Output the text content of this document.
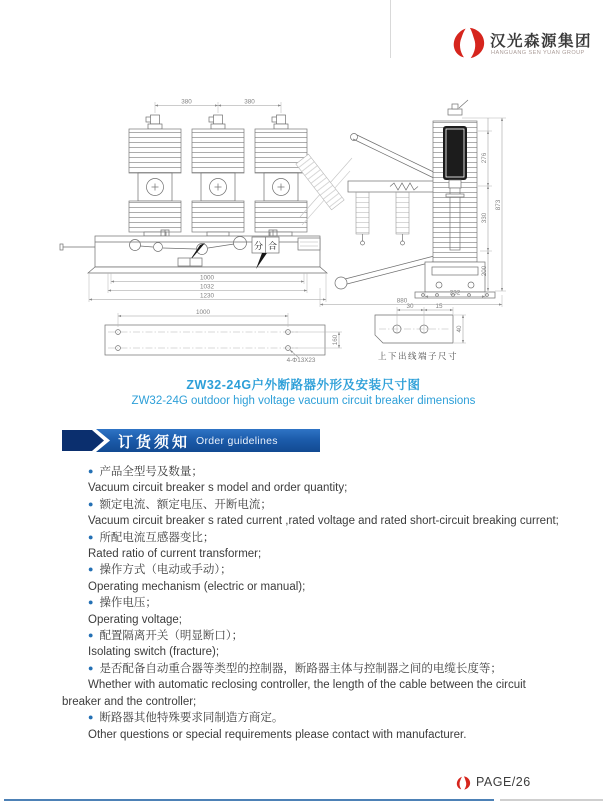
汉光森源集团
HANGUANG SEN YUAN GROUP
分 合
380	380
1000
1032
1230
1000
160
4-Φ13X23
30	15
40
上下出线端子尺寸
276
330
200
873
232
880
ZW32-24G户外断路器外形及安装尺寸图
ZW32-24G outdoor high voltage vacuum circuit breaker dimensions
订货须知 Order guidelines

● 产品全型号及数量；

Vacuum circuit breaker s model and order quantity;

● 额定电流、额定电压、开断电流；

Vacuum circuit breaker s rated current ,rated voltage and rated short-circuit breaking current;

● 所配电流互感器变比；

Rated ratio of current transformer;

● 操作方式（电动或手动）；

Operating mechanism (electric or manual);

● 操作电压；

Operating voltage;

● 配置隔离开关（明显断口）；

Isolating switch (fracture);

● 是否配备自动重合器等类型的控制器，断路器主体与控制器之间的电缆长度等；

Whether with automatic reclosing controller, the length of the cable between the circuit breaker and the controller;

● 断路器其他特殊要求同制造方商定。

Other questions or special requirements please contact with manufacturer.

PAGE/26
